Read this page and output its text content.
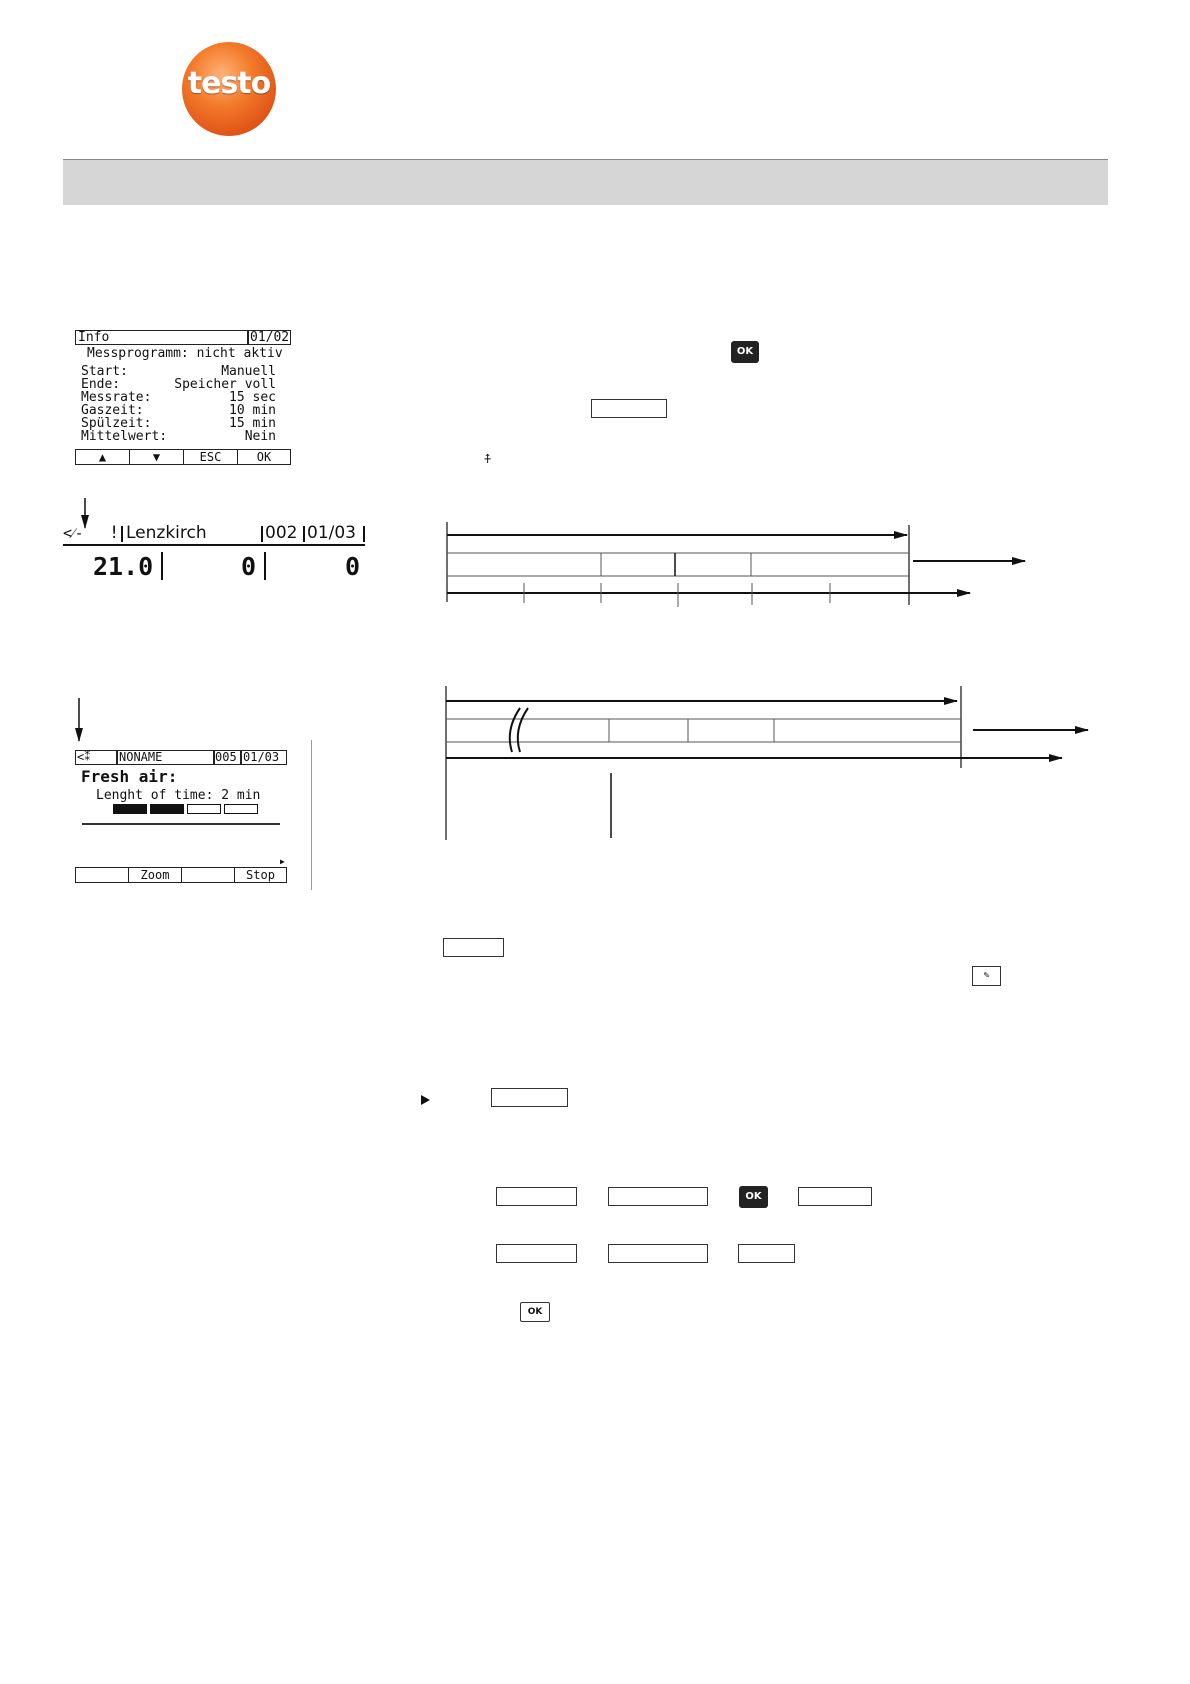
testo
Info	01/02
Messprogramm: nicht aktiv
Start:	Manuell
Ende:	Speicher voll
Messrate:	15 sec
Gaszeit:	10 min
Spülzeit:	15 min
Mittelwert:	Nein
▲	▼	ESC	OK
<⁄- ! Lenzkirch	002 01/03
21.0	0	0
<⁑ NONAME	005 01/03
Fresh air:
Lenght of time: 2 min
▶
Zoom	Stop
OK
⍏
✎
OK
OK
